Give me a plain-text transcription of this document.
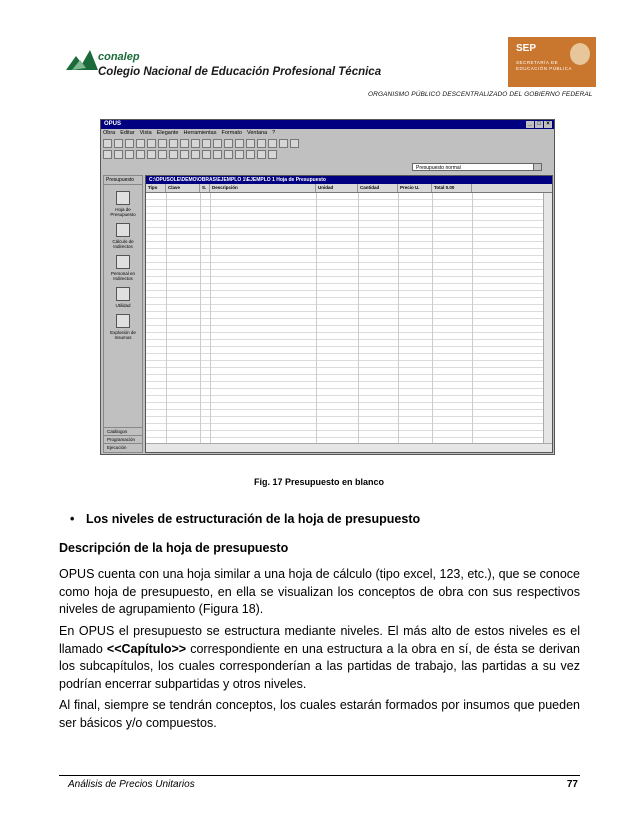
conalep
Colegio Nacional de Educación Profesional Técnica
SEP
SECRETARÍA DE
EDUCACIÓN PÚBLICA
ORGANISMO PÚBLICO DESCENTRALIZADO DEL GOBIERNO FEDERAL
OPUS	_ □ ×
Obra Editar Vista Elegante Herramientas Formato Ventana ?
Presupuesto normal
Presupuesto
Hoja de Presupuesto
Cálculo de Indirectos
Personal en Indirectos
Utilidad
Explosión de Insumos
Catálogos
Programación
Ejecución
C:\OPUSOLE\DEMO\OBRAS\EJEMPLO 1\EJEMPLO 1 Hoja de Presupuesto
Tipo	Clave	S.	Descripción	Unidad	Cantidad	Precio U.	Total 0.00
Fig. 17 Presupuesto en blanco
• Los niveles de estructuración de la hoja de presupuesto
Descripción de la hoja de presupuesto
OPUS cuenta con una hoja similar a una hoja de cálculo (tipo excel, 123, etc.), que se conoce como hoja de presupuesto, en ella se visualizan los conceptos de obra con sus respectivos niveles de agrupamiento (Figura 18).
En OPUS el presupuesto se estructura mediante niveles. El más alto de estos niveles es el llamado <<Capítulo>> correspondiente en una estructura a la obra en sí, de ésta se derivan los subcapítulos, los cuales corresponderían a las partidas de trabajo, las partidas a su vez podrían encerrar subpartidas y otros niveles.
Al final, siempre se tendrán conceptos, los cuales estarán formados por insumos que pueden ser básicos y/o compuestos.
Análisis de Precios Unitarios	77
